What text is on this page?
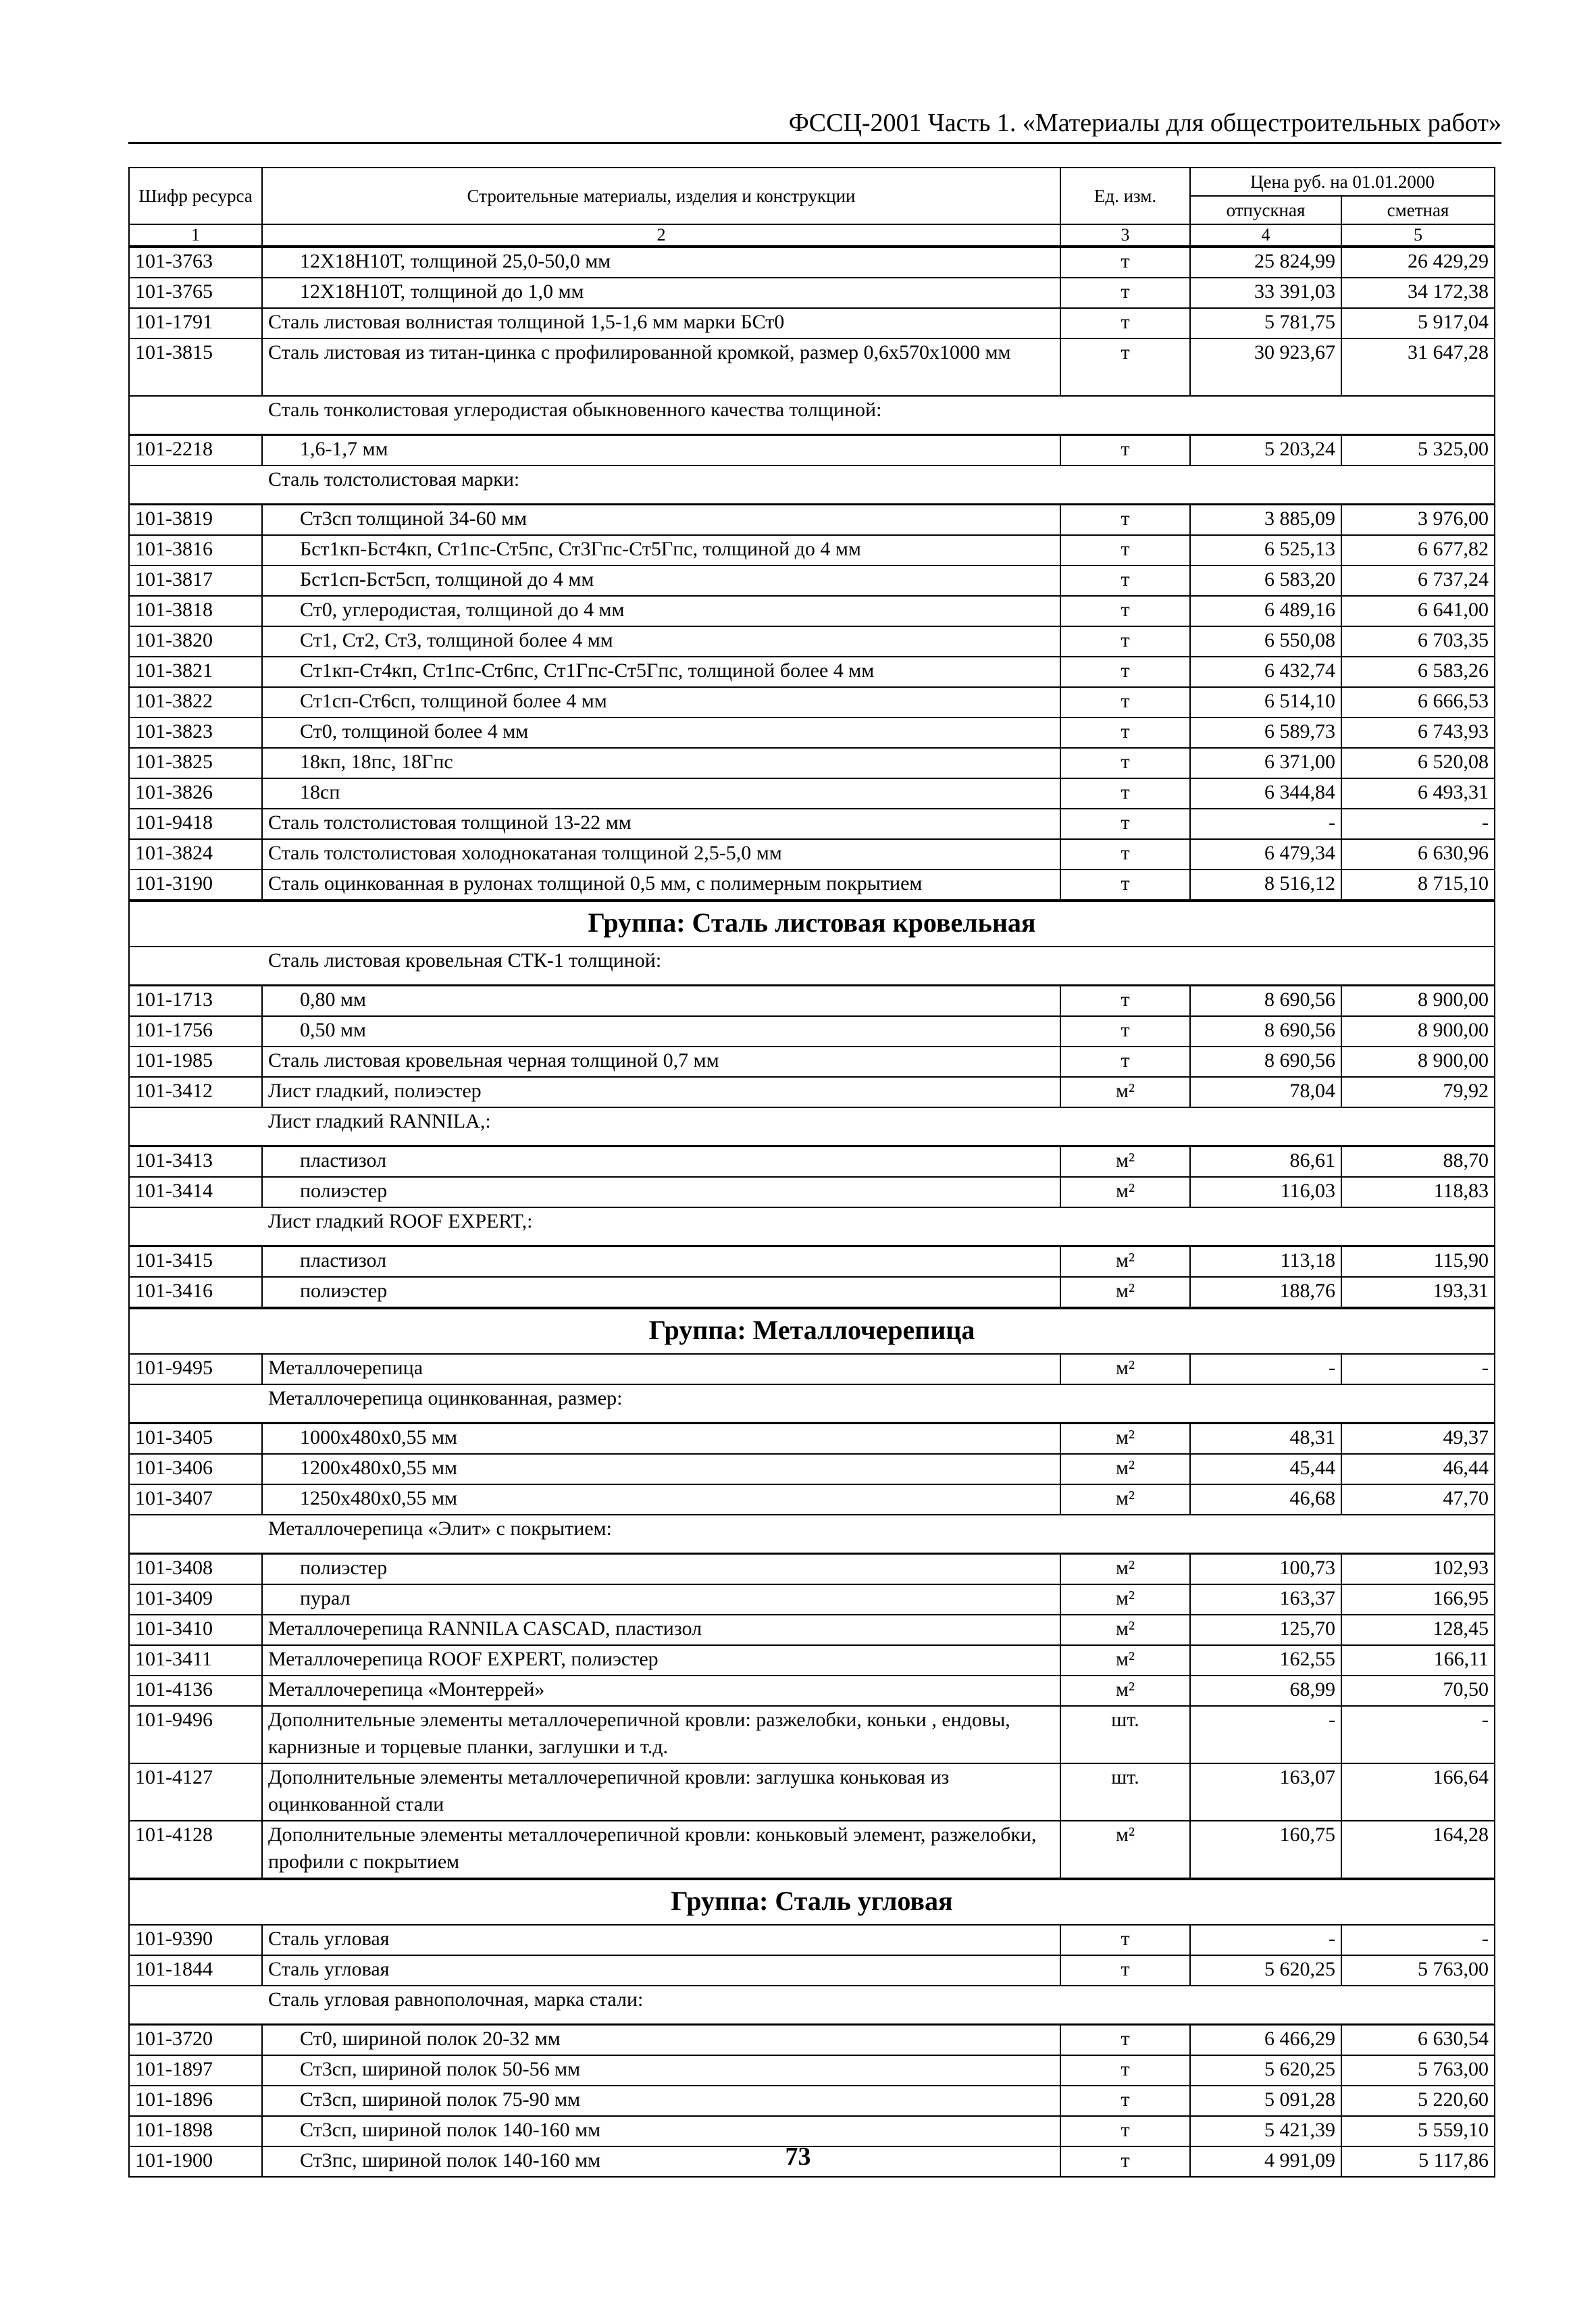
ФССЦ-2001 Часть 1. «Материалы для общестроительных работ»
Шифр ресурса	Строительные материалы, изделия и конструкции	Ед. изм.	Цена руб. на 01.01.2000	
			отпускная	сметная
1	2	3	4	5
101-3763	12Х18Н10Т, толщиной 25,0-50,0 мм	т	25 824,99	26 429,29
101-3765	12Х18Н10Т, толщиной до 1,0 мм	т	33 391,03	34 172,38
101-1791	Сталь листовая волнистая толщиной 1,5-1,6 мм марки БСт0	т	5 781,75	5 917,04
101-3815	Сталь листовая из титан-цинка с профилированной кромкой, размер 0,6х570х1000 мм	т	30 923,67	31 647,28
Сталь тонколистовая углеродистая обыкновенного качества толщиной:				
101-2218	1,6-1,7 мм	т	5 203,24	5 325,00
Сталь толстолистовая марки:				
101-3819	Ст3сп толщиной 34-60 мм	т	3 885,09	3 976,00
101-3816	Бст1кп-Бст4кп, Ст1пс-Ст5пс, Ст3Гпс-Ст5Гпс, толщиной до 4 мм	т	6 525,13	6 677,82
101-3817	Бст1сп-Бст5сп, толщиной до 4 мм	т	6 583,20	6 737,24
101-3818	Ст0, углеродистая, толщиной до 4 мм	т	6 489,16	6 641,00
101-3820	Ст1, Ст2, Ст3, толщиной более 4 мм	т	6 550,08	6 703,35
101-3821	Ст1кп-Ст4кп, Ст1пс-Ст6пс, Ст1Гпс-Ст5Гпс, толщиной более 4 мм	т	6 432,74	6 583,26
101-3822	Ст1сп-Ст6сп, толщиной более 4 мм	т	6 514,10	6 666,53
101-3823	Ст0, толщиной более 4 мм	т	6 589,73	6 743,93
101-3825	18кп, 18пс, 18Гпс	т	6 371,00	6 520,08
101-3826	18сп	т	6 344,84	6 493,31
101-9418	Сталь толстолистовая толщиной 13-22 мм	т	-	-
101-3824	Сталь толстолистовая холоднокатаная толщиной 2,5-5,0 мм	т	6 479,34	6 630,96
101-3190	Сталь оцинкованная в рулонах толщиной 0,5 мм, с полимерным покрытием	т	8 516,12	8 715,10
Группа: Сталь листовая кровельная				
Сталь листовая кровельная СТК-1 толщиной:				
101-1713	0,80 мм	т	8 690,56	8 900,00
101-1756	0,50 мм	т	8 690,56	8 900,00
101-1985	Сталь листовая кровельная черная толщиной 0,7 мм	т	8 690,56	8 900,00
101-3412	Лист гладкий, полиэстер	м²	78,04	79,92
Лист гладкий RANNILA,:				
101-3413	пластизол	м²	86,61	88,70
101-3414	полиэстер	м²	116,03	118,83
Лист гладкий ROOF EXPERT,:				
101-3415	пластизол	м²	113,18	115,90
101-3416	полиэстер	м²	188,76	193,31
Группа: Металлочерепица				
101-9495	Металлочерепица	м²	-	-
Металлочерепица оцинкованная, размер:				
101-3405	1000х480х0,55 мм	м²	48,31	49,37
101-3406	1200х480х0,55 мм	м²	45,44	46,44
101-3407	1250х480х0,55 мм	м²	46,68	47,70
Металлочерепица «Элит» с покрытием:				
101-3408	полиэстер	м²	100,73	102,93
101-3409	пурал	м²	163,37	166,95
101-3410	Металлочерепица RANNILA CASCAD, пластизол	м²	125,70	128,45
101-3411	Металлочерепица ROOF EXPERT, полиэстер	м²	162,55	166,11
101-4136	Металлочерепица «Монтеррей»	м²	68,99	70,50
101-9496	Дополнительные элементы металлочерепичной кровли: разжелобки, коньки , ендовы, карнизные и торцевые планки, заглушки и т.д.	шт.	-	-
101-4127	Дополнительные элементы металлочерепичной кровли: заглушка коньковая из оцинкованной стали	шт.	163,07	166,64
101-4128	Дополнительные элементы металлочерепичной кровли: коньковый элемент, разжелобки, профили с покрытием	м²	160,75	164,28
Группа: Сталь угловая				
101-9390	Сталь угловая	т	-	-
101-1844	Сталь угловая	т	5 620,25	5 763,00
Сталь угловая равнополочная, марка стали:				
101-3720	Ст0, шириной полок 20-32 мм	т	6 466,29	6 630,54
101-1897	Ст3сп, шириной полок 50-56 мм	т	5 620,25	5 763,00
101-1896	Ст3сп, шириной полок 75-90 мм	т	5 091,28	5 220,60
101-1898	Ст3сп, шириной полок 140-160 мм	т	5 421,39	5 559,10
101-1900	Ст3пс, шириной полок 140-160 мм	т	4 991,09	5 117,86
73
